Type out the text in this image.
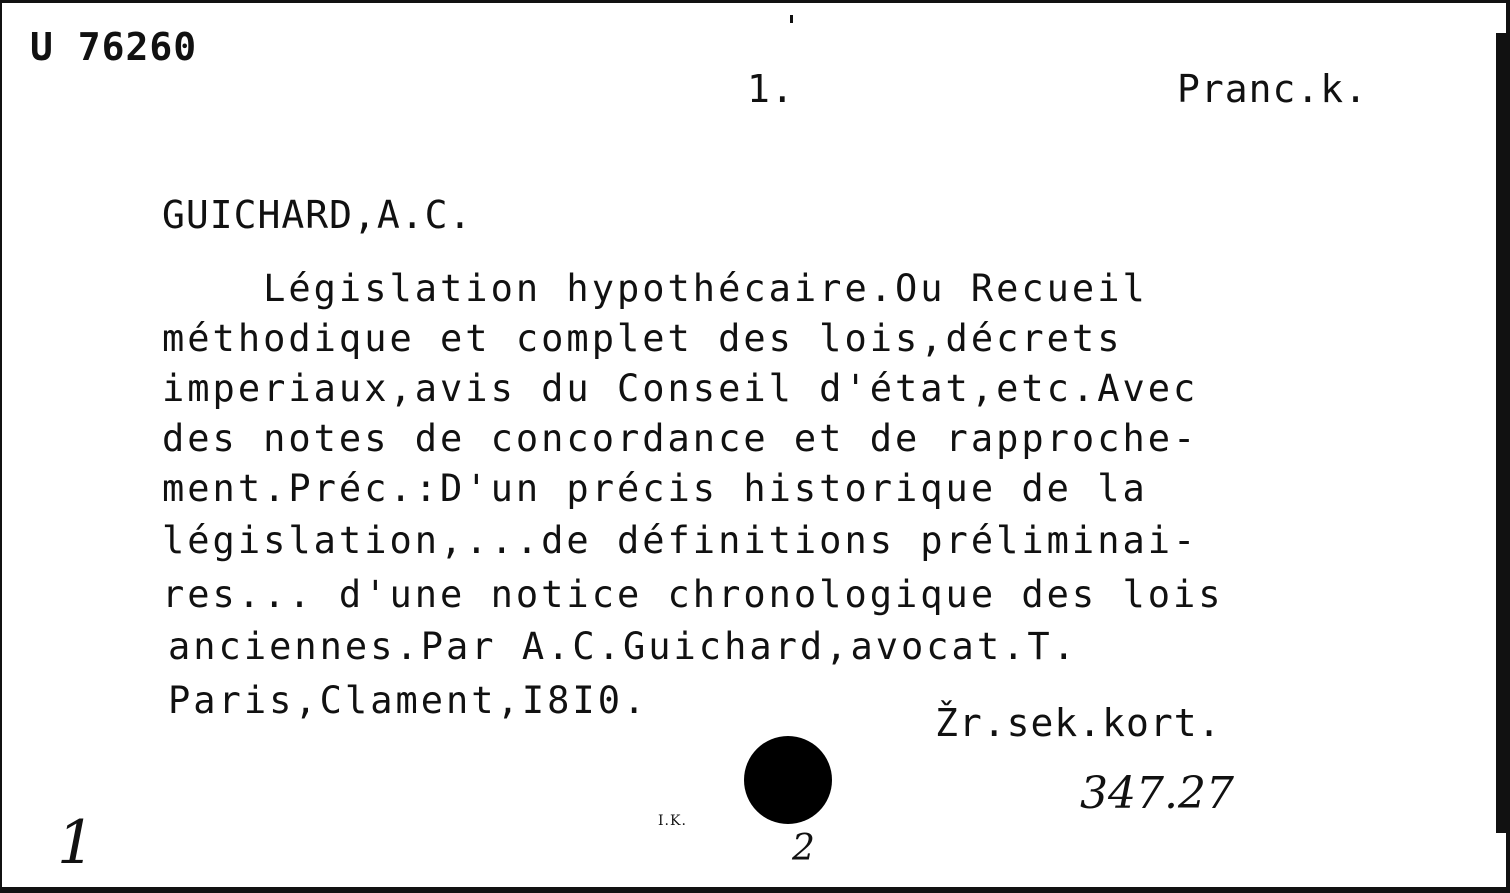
U 76260
1.	Pranc.k.
GUICHARD,A.C.
Législation hypothécaire.Ou Recueil
méthodique et complet des lois,décrets
imperiaux,avis du Conseil d'état,etc.Avec
des notes de concordance et de rapproche-
ment.Préc.:D'un précis historique de la
législation,...de définitions préliminai-
res... d'une notice chronologique des lois
anciennes.Par A.C.Guichard,avocat.T.
Paris,Clament,I8I0.
Žr.sek.kort.
347.27
1	2
I.K.
